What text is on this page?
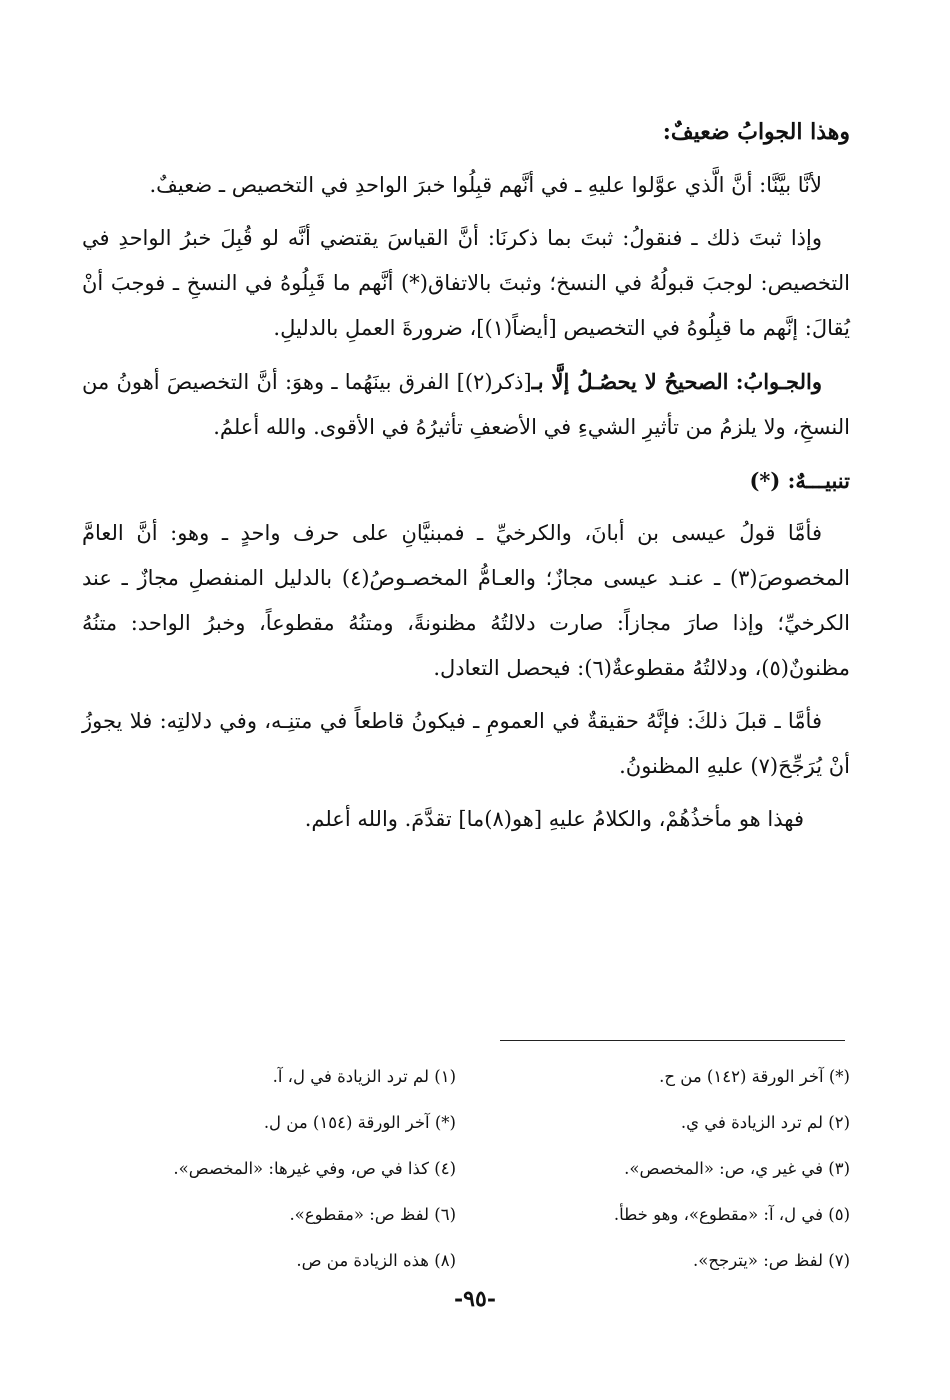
وهذا الجوابُ ضعيفٌ:

لأنَّا بيَّنَّا: أنَّ الَّذي عوَّلوا عليهِ ـ في أنَّهم قبِلُوا خبرَ الواحدِ في التخصيص ـ ضعيفٌ.

وإذا ثبتَ ذلك ـ فنقولُ: ثبتَ بما ذكرنَا: أنَّ القياسَ يقتضي أنَّه لو قُبِلَ خبرُ الواحدِ في التخصيص: لوجبَ قبولُهُ في النسخ؛ وثبتَ بالاتفاق(*) أنَّهم ما قَبِلُوهُ في النسخِ ـ فوجبَ أنْ يُقالَ: إنَّهم ما قبِلُوهُ في التخصيص [أيضاً(١)]، ضرورةَ العملِ بالدليلِ.

والجـوابُ: الصحيحُ لا يحصُـلُ إلَّا بـ[ذكر(٢)] الفرق بينَهُما ـ وهوَ: أنَّ التخصيصَ أهونُ من النسخِ، ولا يلزمُ من تأثيرِ الشيءِ في الأضعفِ تأثيرُهُ في الأقوى. والله أعلمُ.

تنبيـــهٌ: (*)

فأمَّا قولُ عيسى بن أبانَ، والكرخيِّ ـ فمبنيَّانِ على حرف واحدٍ ـ وهو: أنَّ العامَّ المخصوصَ(٣) ـ عنـد عيسى مجازٌ؛ والعـامُّ المخصـوصُ(٤) بالدليل المنفصلِ مجازٌ ـ عند الكرخيِّ؛ وإذا صارَ مجازاً: صارت دلالتُهُ مظنونةً، ومتنُهُ مقطوعاً، وخبرُ الواحد: متنُهُ مظنونٌ(٥)، ودلالتُهُ مقطوعةٌ(٦): فيحصل التعادل.

فأمَّا ـ قبلَ ذلكَ: فإنَّهُ حقيقةٌ في العمومِ ـ فيكونُ قاطعاً في متنِـه، وفي دلالتِه: فلا يجوزُ أنْ يُرَجِّحَ(٧) عليهِ المظنونُ.

فهذا هو مأخذُهُمْ، والكلامُ عليهِ [هو(٨)ما] تقدَّمَ. والله أعلم.

(*) آخر الورقة (١٤٢) من ح.
(١) لم ترد الزيادة في ل، آ.
(٢) لم ترد الزيادة في ي.
(*) آخر الورقة (١٥٤) من ل.
(٣) في غير ي، ص: «المخصص».
(٤) كذا في ص، وفي غيرها: «المخصص».
(٥) في ل، آ: «مقطوع»، وهو خطأ.
(٦) لفظ ص: «مقطوع».
(٧) لفظ ص: «يترجح».
(٨) هذه الزيادة من ص.
-٩٥-
